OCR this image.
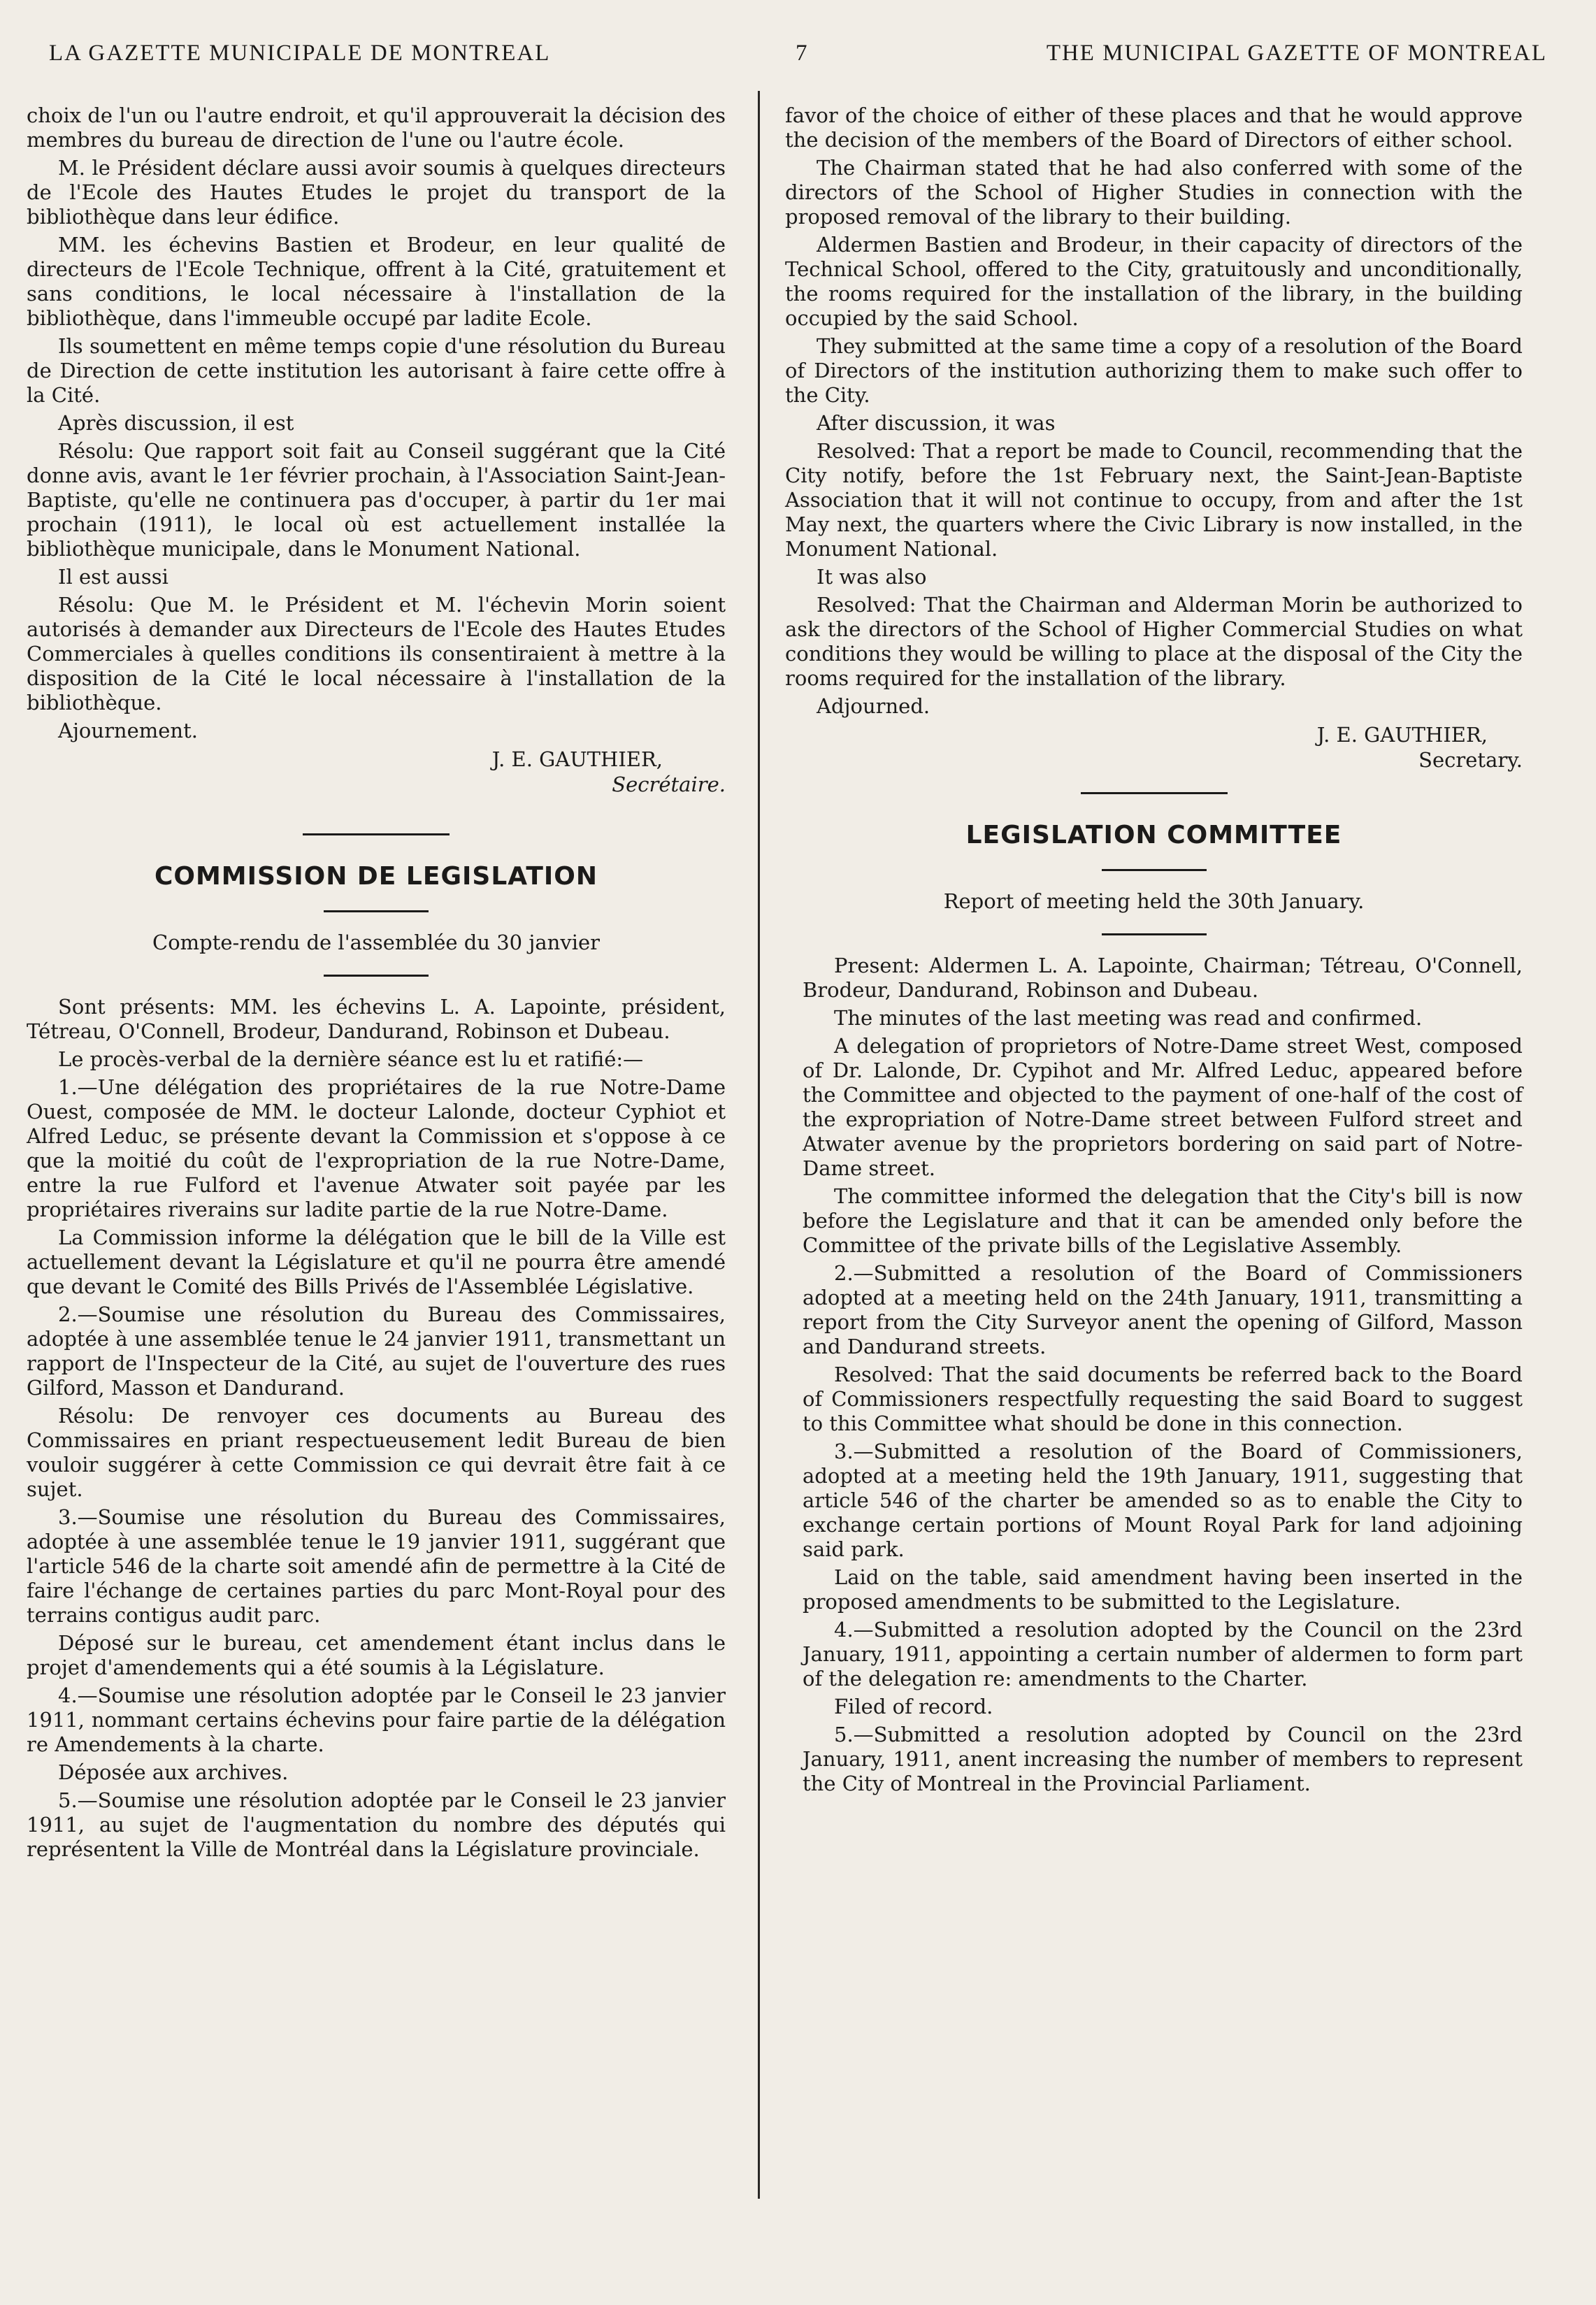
LA GAZETTE MUNICIPALE DE MONTREAL	7	THE MUNICIPAL GAZETTE OF MONTREAL

choix de l'un ou l'autre endroit, et qu'il approuverait la décision des membres du bureau de direction de l'une ou l'autre école.

M. le Président déclare aussi avoir soumis à quelques directeurs de l'Ecole des Hautes Etudes le projet du transport de la bibliothèque dans leur édifice.

MM. les échevins Bastien et Brodeur, en leur qualité de directeurs de l'Ecole Technique, offrent à la Cité, gratuitement et sans conditions, le local nécessaire à l'installation de la bibliothèque, dans l'immeuble occupé par ladite Ecole.

Ils soumettent en même temps copie d'une résolution du Bureau de Direction de cette institution les autorisant à faire cette offre à la Cité.

Après discussion, il est

Résolu: Que rapport soit fait au Conseil suggérant que la Cité donne avis, avant le 1er février prochain, à l'Association Saint-Jean-Baptiste, qu'elle ne continuera pas d'occuper, à partir du 1er mai prochain (1911), le local où est actuellement installée la bibliothèque municipale, dans le Monument National.

Il est aussi

Résolu: Que M. le Président et M. l'échevin Morin soient autorisés à demander aux Directeurs de l'Ecole des Hautes Etudes Commerciales à quelles conditions ils consentiraient à mettre à la disposition de la Cité le local nécessaire à l'installation de la bibliothèque.

Ajournement.

J. E. GAUTHIER,

Secrétaire.

COMMISSION DE LEGISLATION

Compte-rendu de l'assemblée du 30 janvier

Sont présents: MM. les échevins L. A. Lapointe, président, Tétreau, O'Connell, Brodeur, Dandurand, Robinson et Dubeau.

Le procès-verbal de la dernière séance est lu et ratifié:—

1.—Une délégation des propriétaires de la rue Notre-Dame Ouest, composée de MM. le docteur Lalonde, docteur Cyphiot et Alfred Leduc, se présente devant la Commission et s'oppose à ce que la moitié du coût de l'expropriation de la rue Notre-Dame, entre la rue Fulford et l'avenue Atwater soit payée par les propriétaires riverains sur ladite partie de la rue Notre-Dame.

La Commission informe la délégation que le bill de la Ville est actuellement devant la Législature et qu'il ne pourra être amendé que devant le Comité des Bills Privés de l'Assemblée Législative.

2.—Soumise une résolution du Bureau des Commissaires, adoptée à une assemblée tenue le 24 janvier 1911, transmettant un rapport de l'Inspecteur de la Cité, au sujet de l'ouverture des rues Gilford, Masson et Dandurand.

Résolu: De renvoyer ces documents au Bureau des Commissaires en priant respectueusement ledit Bureau de bien vouloir suggérer à cette Commission ce qui devrait être fait à ce sujet.

3.—Soumise une résolution du Bureau des Commissaires, adoptée à une assemblée tenue le 19 janvier 1911, suggérant que l'article 546 de la charte soit amendé afin de permettre à la Cité de faire l'échange de certaines parties du parc Mont-Royal pour des terrains contigus audit parc.

Déposé sur le bureau, cet amendement étant inclus dans le projet d'amendements qui a été soumis à la Législature.

4.—Soumise une résolution adoptée par le Conseil le 23 janvier 1911, nommant certains échevins pour faire partie de la délégation re Amendements à la charte.

Déposée aux archives.

5.—Soumise une résolution adoptée par le Conseil le 23 janvier 1911, au sujet de l'augmentation du nombre des députés qui représentent la Ville de Montréal dans la Législature provinciale.

favor of the choice of either of these places and that he would approve the decision of the members of the Board of Directors of either school.

The Chairman stated that he had also conferred with some of the directors of the School of Higher Studies in connection with the proposed removal of the library to their building.

Aldermen Bastien and Brodeur, in their capacity of directors of the Technical School, offered to the City, gratuitously and unconditionally, the rooms required for the installation of the library, in the building occupied by the said School.

They submitted at the same time a copy of a resolution of the Board of Directors of the institution authorizing them to make such offer to the City.

After discussion, it was

Resolved: That a report be made to Council, recommending that the City notify, before the 1st February next, the Saint-Jean-Baptiste Association that it will not continue to occupy, from and after the 1st May next, the quarters where the Civic Library is now installed, in the Monument National.

It was also

Resolved: That the Chairman and Alderman Morin be authorized to ask the directors of the School of Higher Commercial Studies on what conditions they would be willing to place at the disposal of the City the rooms required for the installation of the library.

Adjourned.

J. E. GAUTHIER,

Secretary.

LEGISLATION COMMITTEE

Report of meeting held the 30th January.

Present: Aldermen L. A. Lapointe, Chairman; Tétreau, O'Connell, Brodeur, Dandurand, Robinson and Dubeau.

The minutes of the last meeting was read and confirmed.

A delegation of proprietors of Notre-Dame street West, composed of Dr. Lalonde, Dr. Cypihot and Mr. Alfred Leduc, appeared before the Committee and objected to the payment of one-half of the cost of the expropriation of Notre-Dame street between Fulford street and Atwater avenue by the proprietors bordering on said part of Notre-Dame street.

The committee informed the delegation that the City's bill is now before the Legislature and that it can be amended only before the Committee of the private bills of the Legislative Assembly.

2.—Submitted a resolution of the Board of Commissioners adopted at a meeting held on the 24th January, 1911, transmitting a report from the City Surveyor anent the opening of Gilford, Masson and Dandurand streets.

Resolved: That the said documents be referred back to the Board of Commissioners respectfully requesting the said Board to suggest to this Committee what should be done in this connection.

3.—Submitted a resolution of the Board of Commissioners, adopted at a meeting held the 19th January, 1911, suggesting that article 546 of the charter be amended so as to enable the City to exchange certain portions of Mount Royal Park for land adjoining said park.

Laid on the table, said amendment having been inserted in the proposed amendments to be submitted to the Legislature.

4.—Submitted a resolution adopted by the Council on the 23rd January, 1911, appointing a certain number of aldermen to form part of the delegation re: amendments to the Charter.

Filed of record.

5.—Submitted a resolution adopted by Council on the 23rd January, 1911, anent increasing the number of members to represent the City of Montreal in the Provincial Parliament.
